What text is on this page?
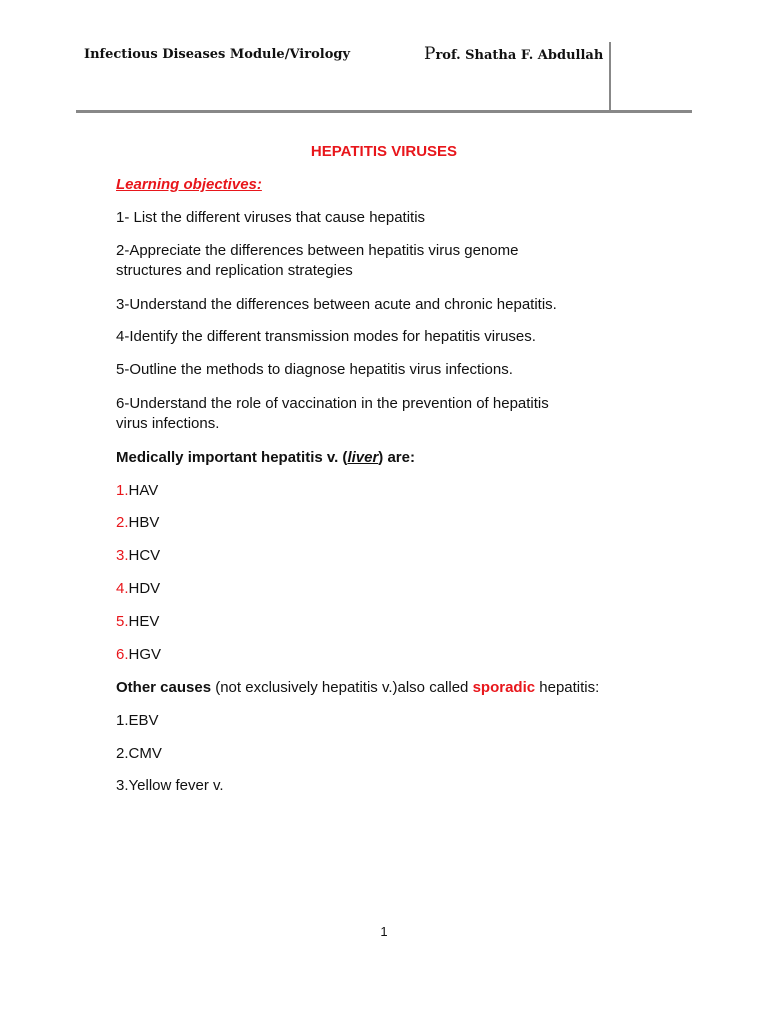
Infectious Diseases Module/Virology	Prof. Shatha F. Abdullah
HEPATITIS VIRUSES
Learning objectives:
1- List the different viruses that cause hepatitis
2-Appreciate the differences between hepatitis virus genome
structures and replication strategies
3-Understand the differences between acute and chronic hepatitis.
4-Identify the different transmission modes for hepatitis viruses.
5-Outline the methods to diagnose hepatitis virus infections.
6-Understand the role of vaccination in the prevention of hepatitis
virus infections.
Medically important hepatitis v. (liver) are:
1.HAV
2.HBV
3.HCV
4.HDV
5.HEV
6.HGV
Other causes (not exclusively hepatitis v.)also called sporadic hepatitis:
1.EBV
2.CMV
3.Yellow fever v.
1
